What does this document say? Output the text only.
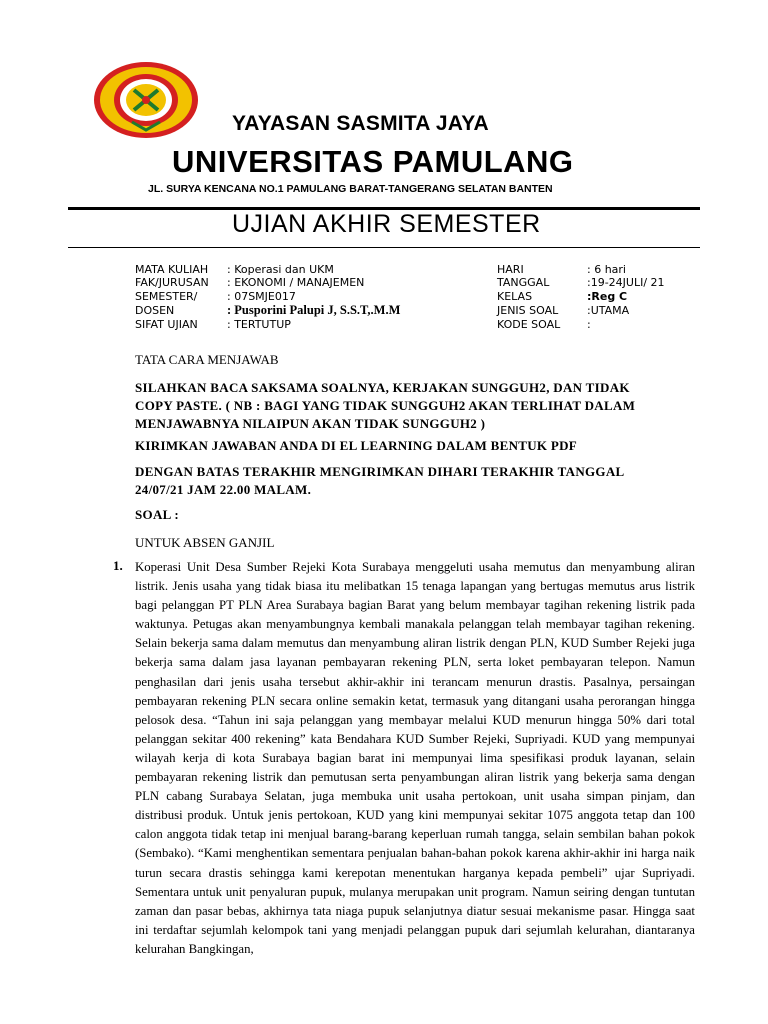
YAYASAN SASMITA JAYA
UNIVERSITAS PAMULANG
JL. SURYA KENCANA NO.1 PAMULANG BARAT-TANGERANG SELATAN BANTEN
UJIAN AKHIR SEMESTER
MATA KULIAH : Koperasi dan UKM
FAK/JURUSAN : EKONOMI / MANAJEMEN
SEMESTER/	: 07SMJE017
DOSEN	: Pusporini Palupi J, S.S.T,.M.M
SIFAT UJIAN	: TERTUTUP
HARI	: 6 hari
TANGGAL	:19-24JULI/ 21
KELAS	:Reg C
JENIS SOAL	:UTAMA
KODE SOAL :
TATA CARA MENJAWAB
SILAHKAN BACA SAKSAMA SOALNYA, KERJAKAN SUNGGUH2, DAN TIDAK
COPY PASTE. ( NB : BAGI YANG TIDAK SUNGGUH2 AKAN TERLIHAT DALAM
MENJAWABNYA NILAIPUN AKAN TIDAK SUNGGUH2 )
KIRIMKAN JAWABAN ANDA DI EL LEARNING DALAM BENTUK PDF
DENGAN BATAS TERAKHIR MENGIRIMKAN DIHARI TERAKHIR TANGGAL
24/07/21 JAM 22.00 MALAM.
SOAL :
UNTUK ABSEN GANJIL
1. Koperasi Unit Desa Sumber Rejeki Kota Surabaya menggeluti usaha memutus dan menyambung aliran listrik. Jenis usaha yang tidak biasa itu melibatkan 15 tenaga lapangan yang bertugas memutus arus listrik bagi pelanggan PT PLN Area Surabaya bagian Barat yang belum membayar tagihan rekening listrik pada waktunya. Petugas akan menyambungnya kembali manakala pelanggan telah membayar tagihan rekening. Selain bekerja sama dalam memutus dan menyambung aliran listrik dengan PLN, KUD Sumber Rejeki juga bekerja sama dalam jasa layanan pembayaran rekening PLN, serta loket pembayaran telepon. Namun penghasilan dari jenis usaha tersebut akhir-akhir ini terancam menurun drastis. Pasalnya, persaingan pembayaran rekening PLN secara online semakin ketat, termasuk yang ditangani usaha perorangan hingga pelosok desa. “Tahun ini saja pelanggan yang membayar melalui KUD menurun hingga 50% dari total pelanggan sekitar 400 rekening” kata Bendahara KUD Sumber Rejeki, Supriyadi. KUD yang mempunyai wilayah kerja di kota Surabaya bagian barat ini mempunyai lima spesifikasi produk layanan, selain pembayaran rekening listrik dan pemutusan serta penyambungan aliran listrik yang bekerja sama dengan PLN cabang Surabaya Selatan, juga membuka unit usaha pertokoan, unit usaha simpan pinjam, dan distribusi produk. Untuk jenis pertokoan, KUD yang kini mempunyai sekitar 1075 anggota tetap dan 100 calon anggota tidak tetap ini menjual barang-barang keperluan rumah tangga, selain sembilan bahan pokok (Sembako). “Kami menghentikan sementara penjualan bahan-bahan pokok karena akhir-akhir ini harga naik turun secara drastis sehingga kami kerepotan menentukan harganya kepada pembeli” ujar Supriyadi. Sementara untuk unit penyaluran pupuk, mulanya merupakan unit program. Namun seiring dengan tuntutan zaman dan pasar bebas, akhirnya tata niaga pupuk selanjutnya diatur sesuai mekanisme pasar. Hingga saat ini terdaftar sejumlah kelompok tani yang menjadi pelanggan pupuk dari sejumlah kelurahan, diantaranya kelurahan Bangkingan,
